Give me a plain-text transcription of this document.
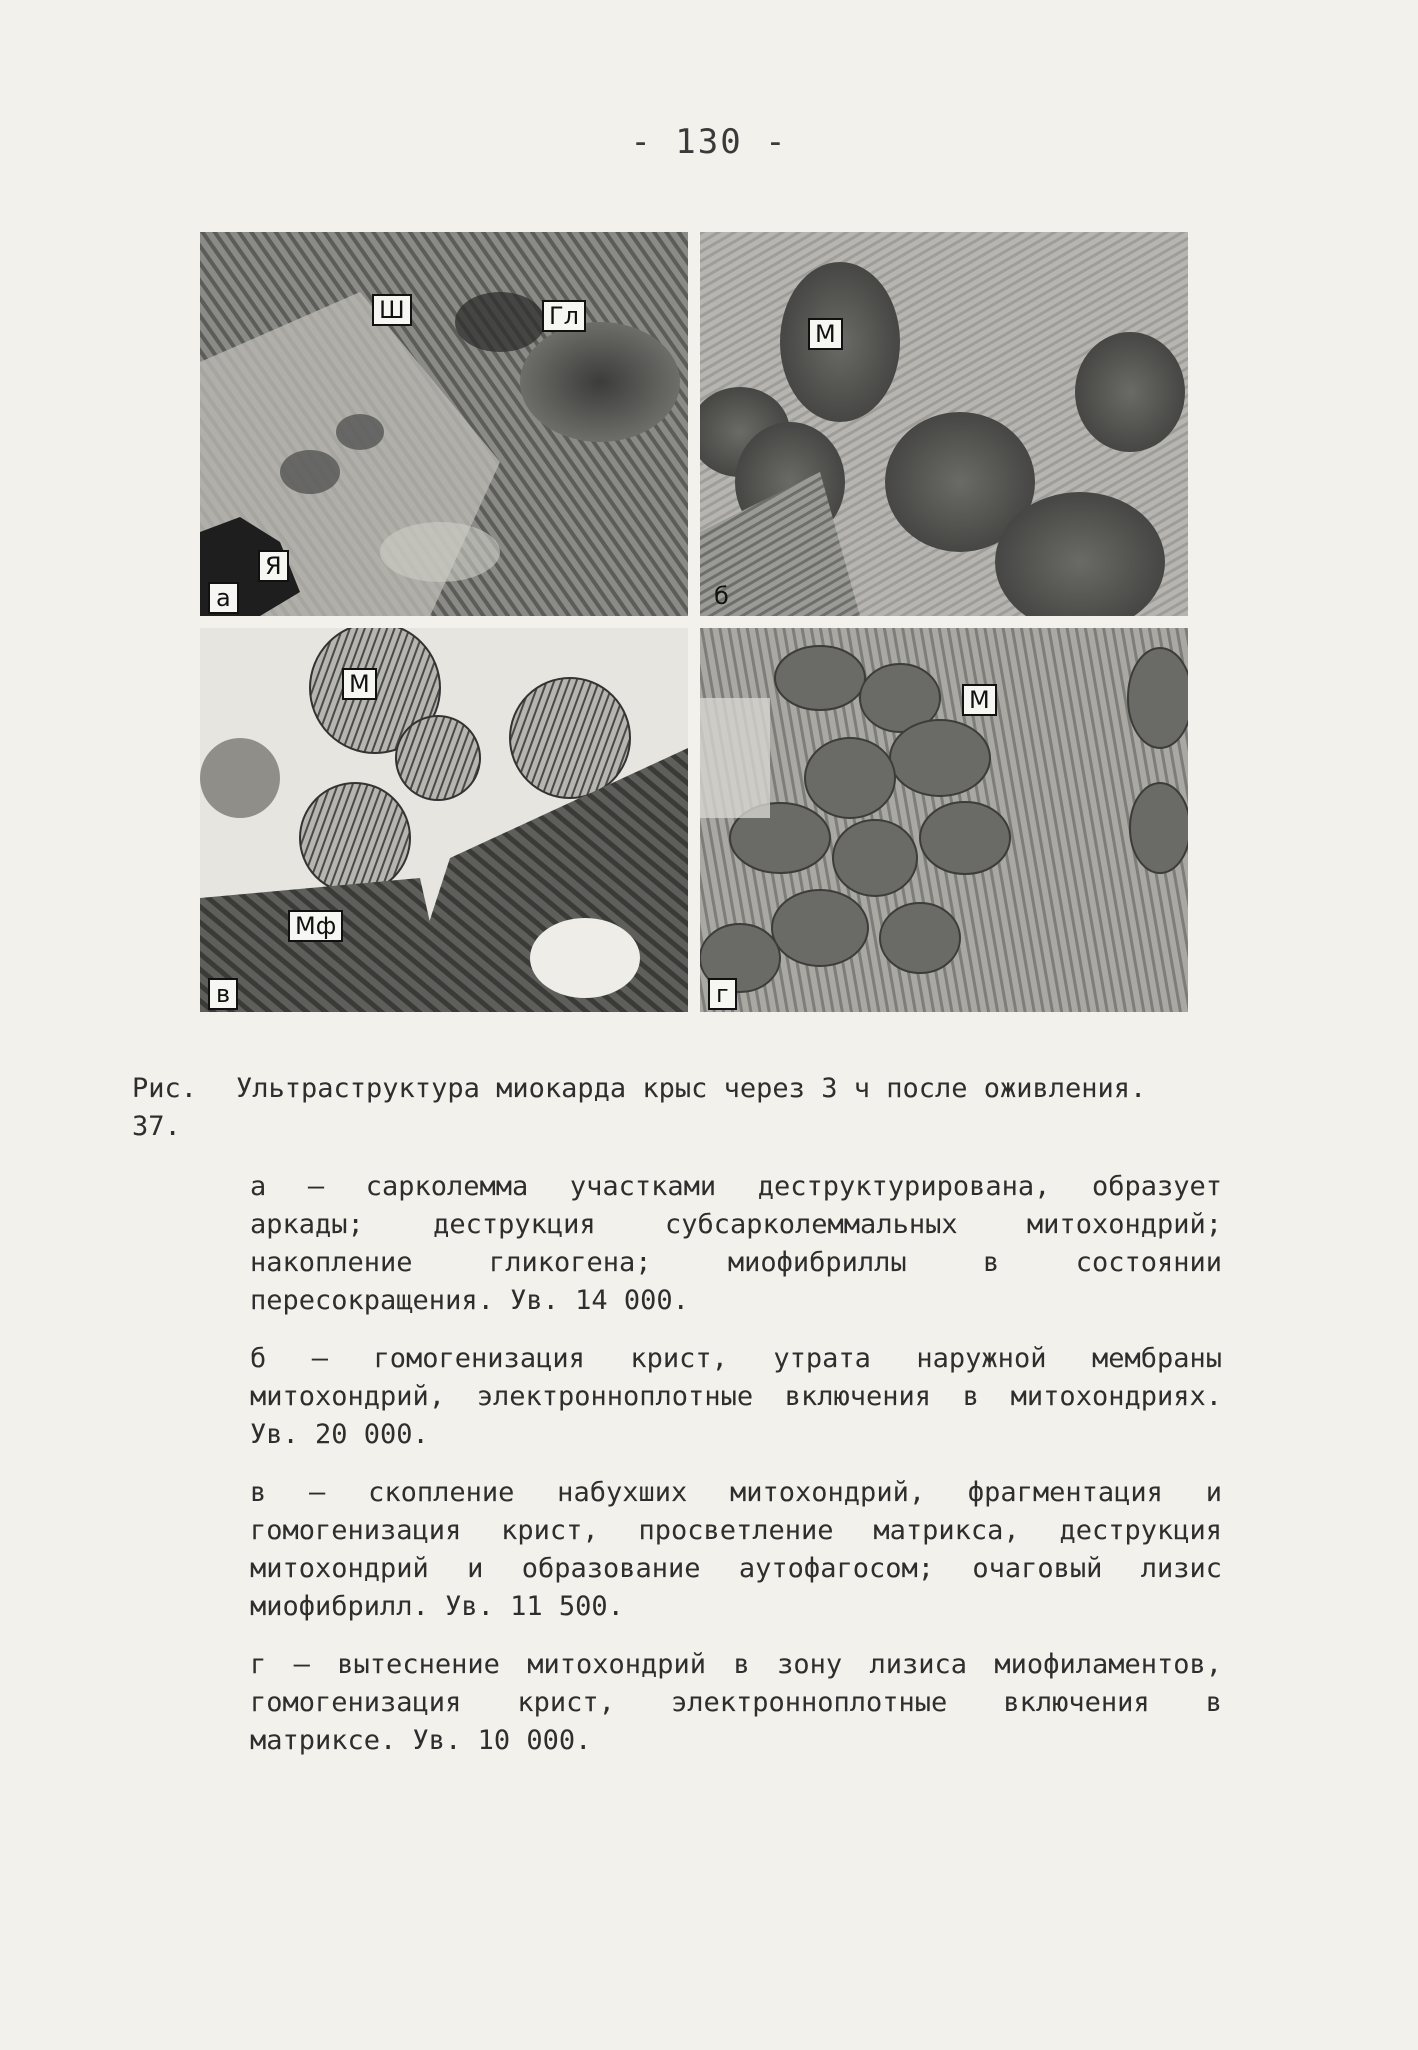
- 130 -
Ш	Гл
Я
а
М
б
М
Мф
в
М
г
Рис. 37.
Ультраструктура миокарда крыс через 3 ч после оживления.
а – сарколемма участками деструктурирована, образует аркады; деструкция субсарколеммальных митохондрий; накопление гликогена; миофибриллы в состоянии пересокращения. Ув. 14 000.
б – гомогенизация крист, утрата наружной мембраны митохондрий, электронноплотные включения в митохондриях. Ув. 20 000.
в – скопление набухших митохондрий, фрагментация и гомогенизация крист, просветление матрикса, деструкция митохондрий и образование аутофагосом; очаговый лизис миофибрилл. Ув. 11 500.
г – вытеснение митохондрий в зону лизиса миофиламентов, гомогенизация крист, электронноплотные включения в матриксе. Ув. 10 000.
